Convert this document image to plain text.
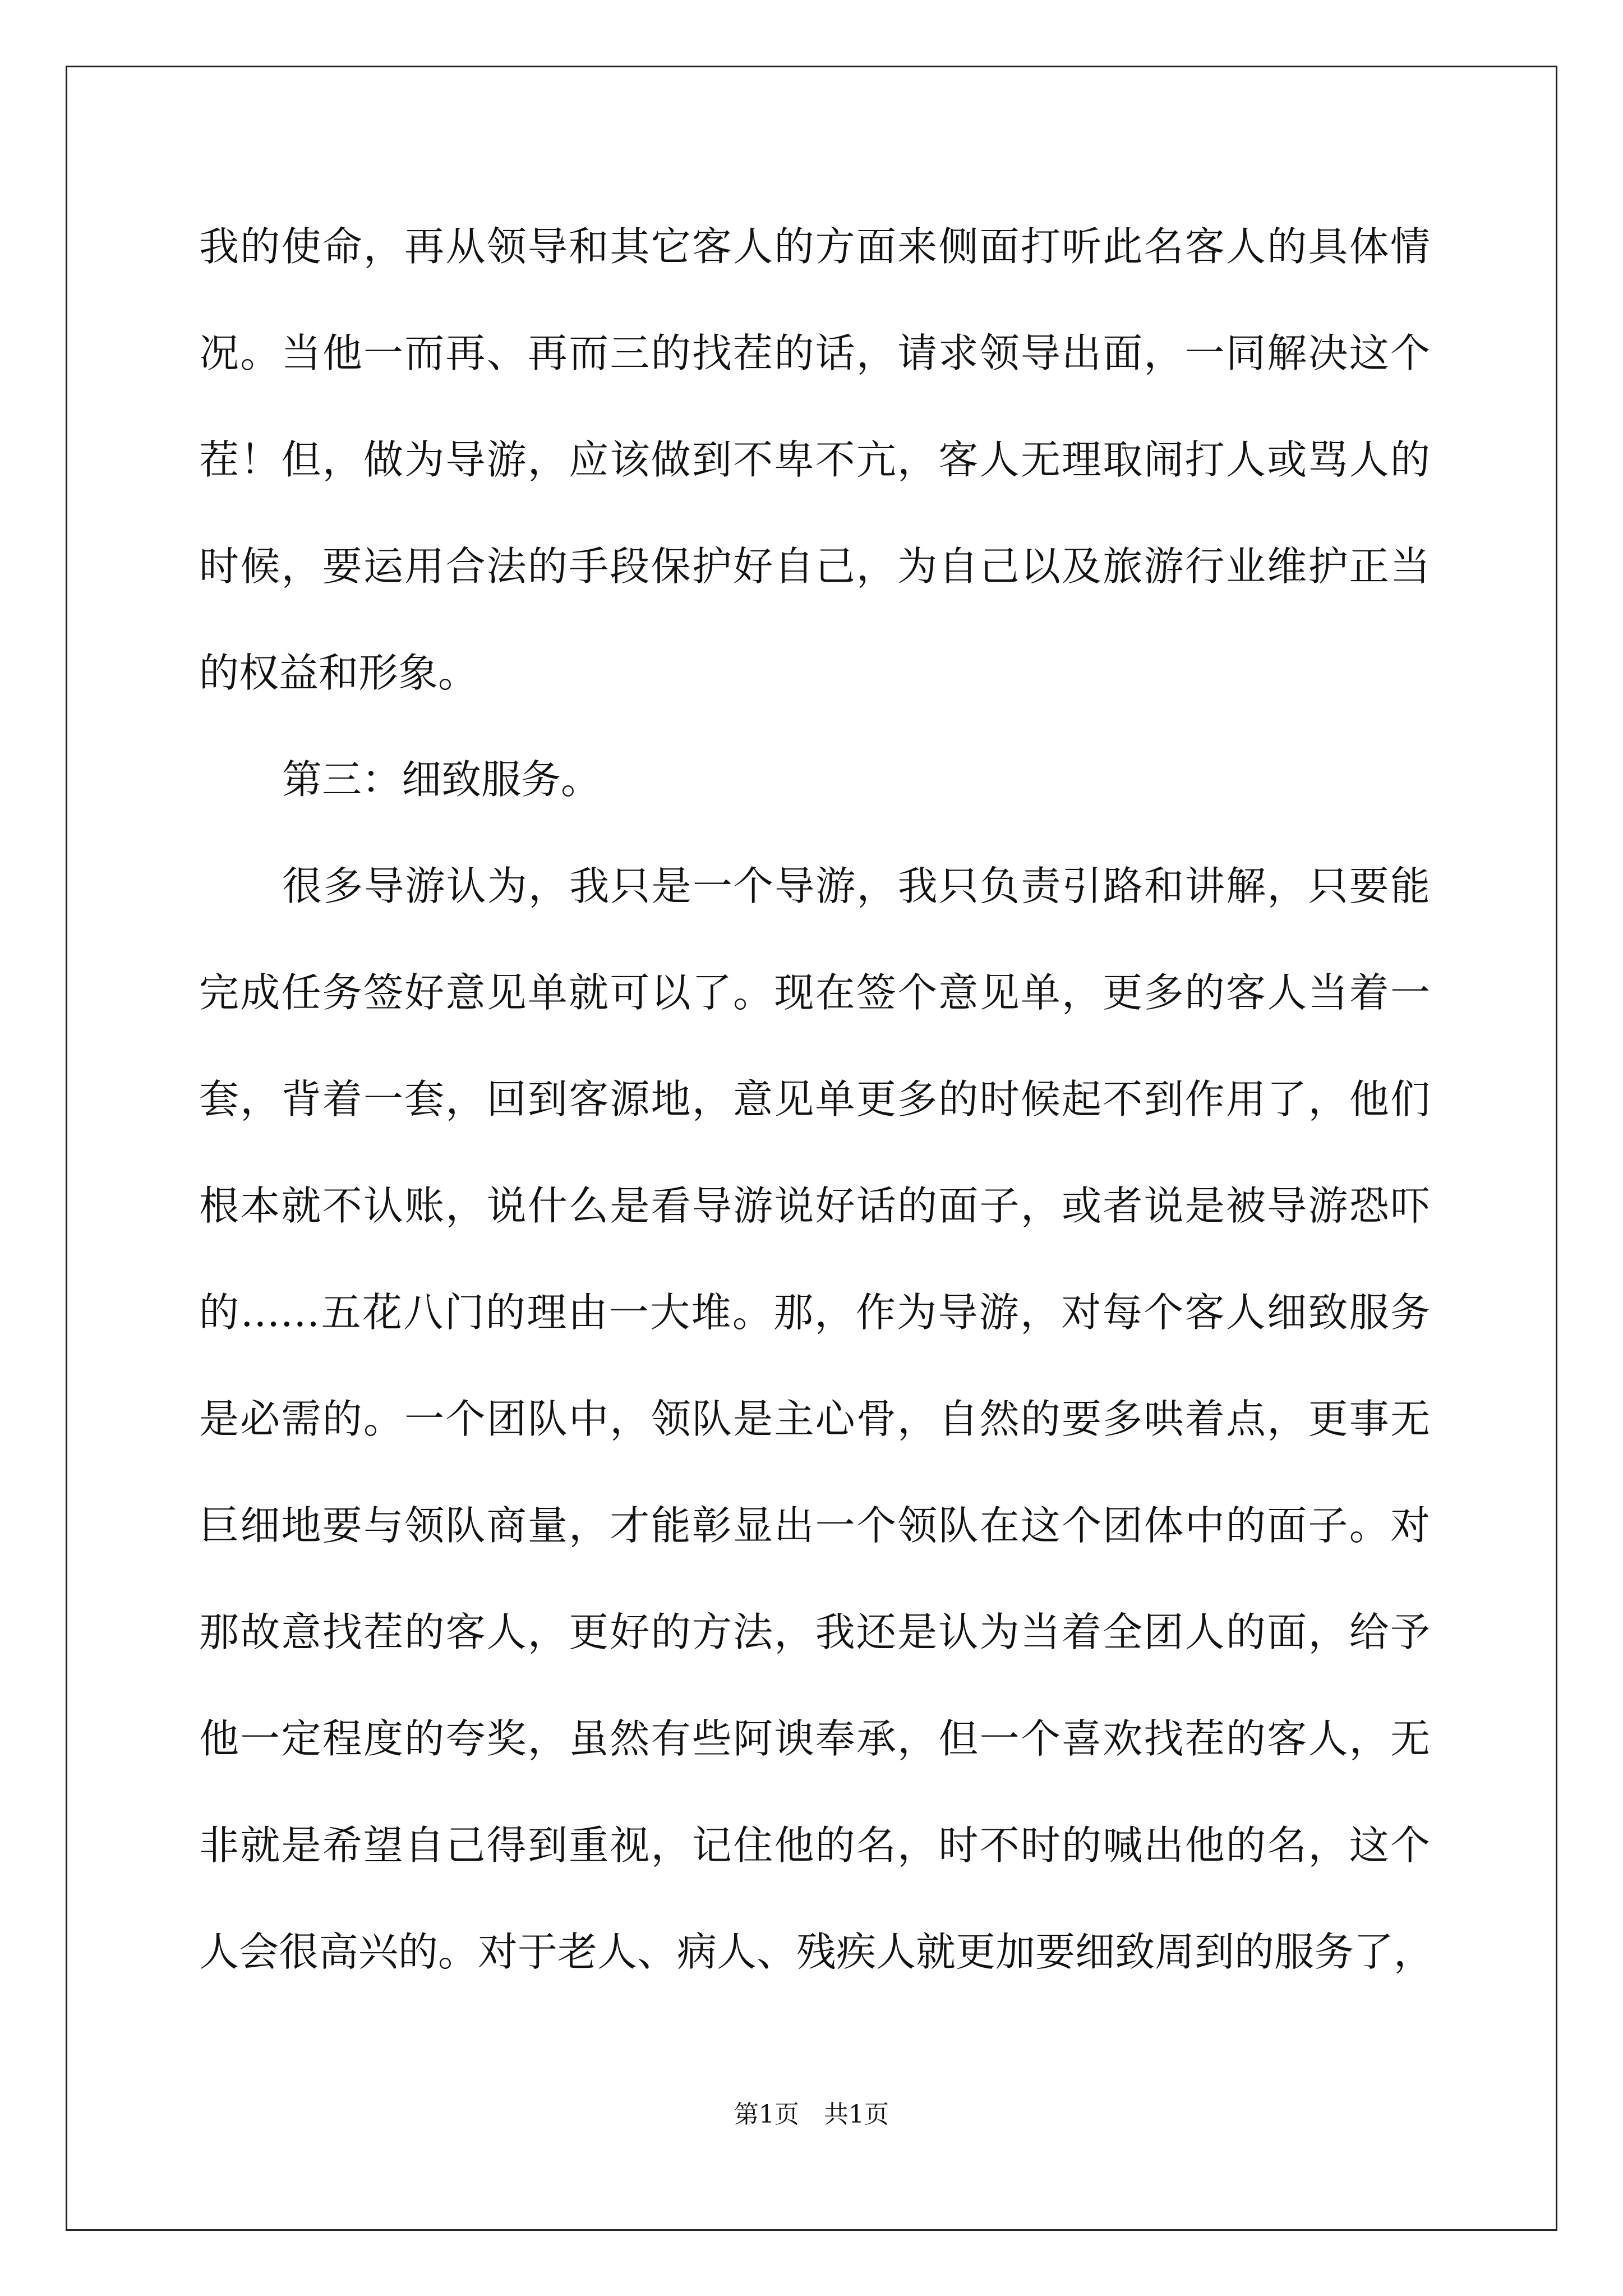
我的使命，再从领导和其它客人的方面来侧面打听此名客人的具体情
况。当他一而再、再而三的找茬的话，请求领导出面，一同解决这个
茬！但，做为导游，应该做到不卑不亢，客人无理取闹打人或骂人的
时候，要运用合法的手段保护好自己，为自己以及旅游行业维护正当
的权益和形象。
第三：细致服务。
很多导游认为，我只是一个导游，我只负责引路和讲解，只要能
完成任务签好意见单就可以了。现在签个意见单，更多的客人当着一
套，背着一套，回到客源地，意见单更多的时候起不到作用了，他们
根本就不认账，说什么是看导游说好话的面子，或者说是被导游恐吓
的……五花八门的理由一大堆。那，作为导游，对每个客人细致服务
是必需的。一个团队中，领队是主心骨，自然的要多哄着点，更事无
巨细地要与领队商量，才能彰显出一个领队在这个团体中的面子。对
那故意找茬的客人，更好的方法，我还是认为当着全团人的面，给予
他一定程度的夸奖，虽然有些阿谀奉承，但一个喜欢找茬的客人，无
非就是希望自己得到重视，记住他的名，时不时的喊出他的名，这个
人会很高兴的。对于老人、病人、残疾人就更加要细致周到的服务了，
第1页　共1页
